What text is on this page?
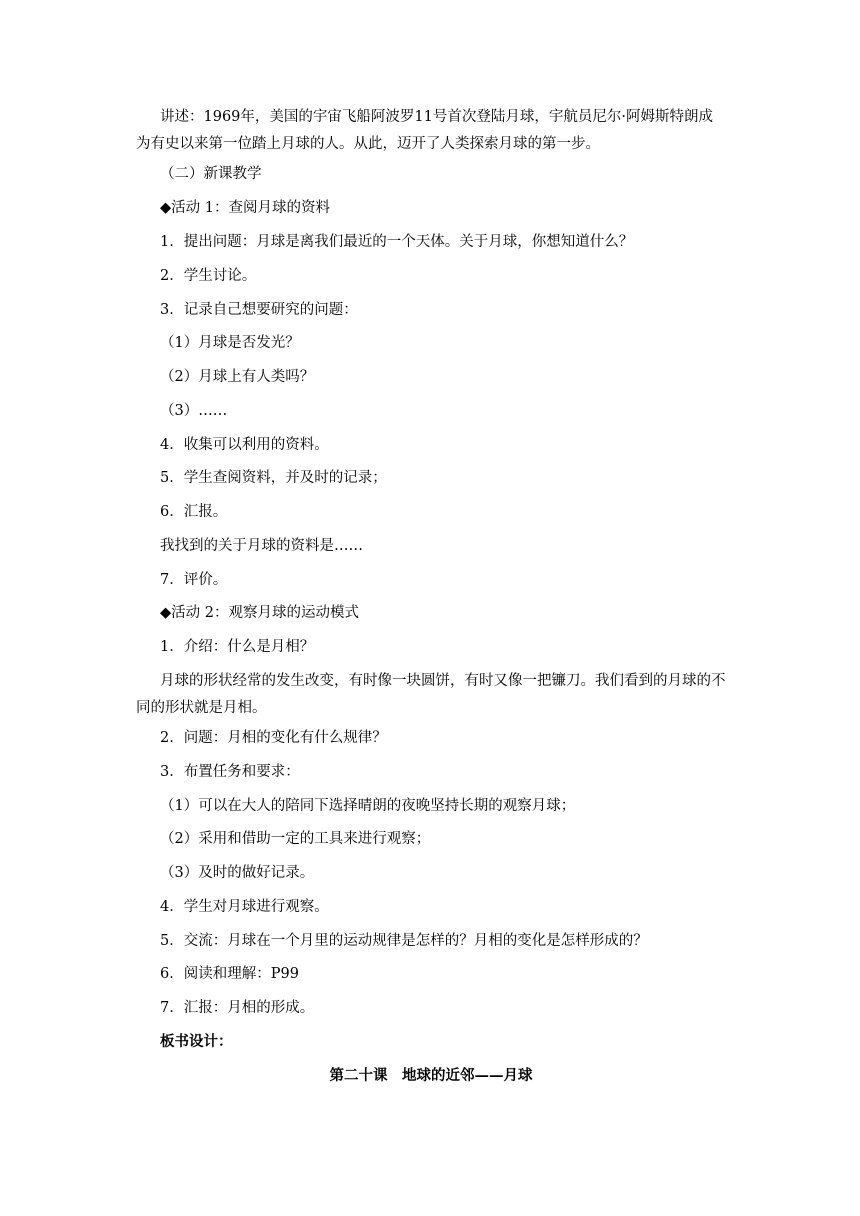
讲述：1969年，美国的宇宙飞船阿波罗11号首次登陆月球，宇航员尼尔·阿姆斯特朗成为有史以来第一位踏上月球的人。从此，迈开了人类探索月球的第一步。
（二）新课教学
◆活动 1：查阅月球的资料
1．提出问题：月球是离我们最近的一个天体。关于月球，你想知道什么？
2．学生讨论。
3．记录自己想要研究的问题：
（1）月球是否发光？
（2）月球上有人类吗？
（3）……
4．收集可以利用的资料。
5．学生查阅资料，并及时的记录；
6．汇报。
我找到的关于月球的资料是……
7．评价。
◆活动 2：观察月球的运动模式
1．介绍：什么是月相？
月球的形状经常的发生改变，有时像一块圆饼，有时又像一把镰刀。我们看到的月球的不同的形状就是月相。
2．问题：月相的变化有什么规律？
3．布置任务和要求：
（1）可以在大人的陪同下选择晴朗的夜晚坚持长期的观察月球；
（2）采用和借助一定的工具来进行观察；
（3）及时的做好记录。
4．学生对月球进行观察。
5．交流：月球在一个月里的运动规律是怎样的？月相的变化是怎样形成的？
6．阅读和理解：P99
7．汇报：月相的形成。
板书设计：
第二十课　地球的近邻——月球
